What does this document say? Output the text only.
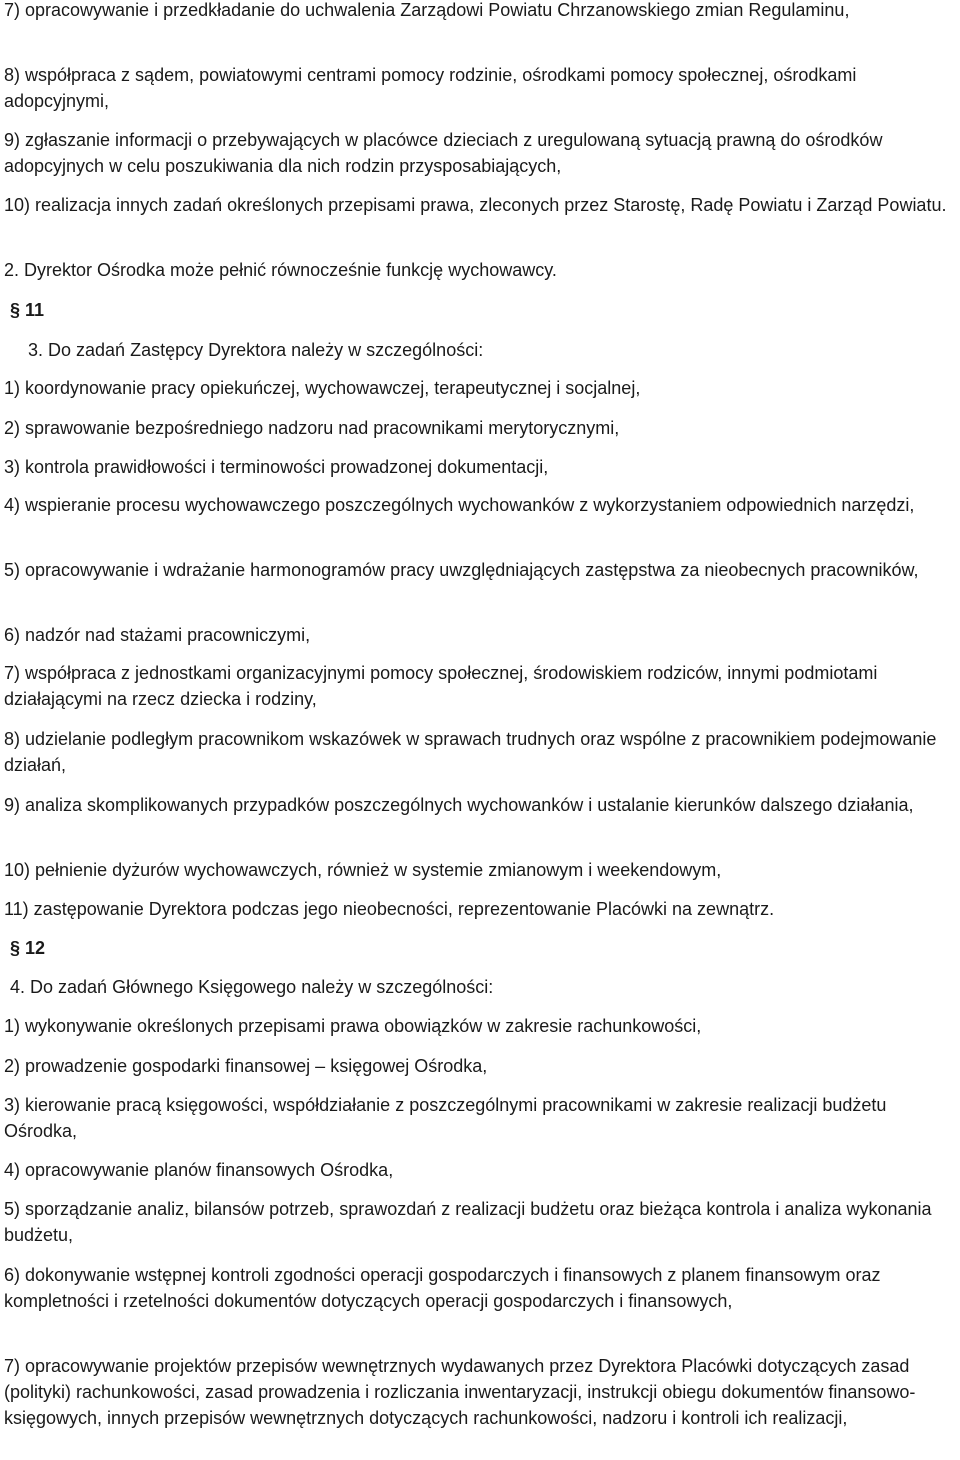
7) opracowywanie i przedkładanie do uchwalenia Zarządowi Powiatu Chrzanowskiego zmian Regulaminu,

8) współpraca z sądem, powiatowymi centrami pomocy rodzinie, ośrodkami pomocy społecznej, ośrodkami adopcyjnymi,

9) zgłaszanie informacji o przebywających w placówce dzieciach z uregulowaną sytuacją prawną do ośrodków adopcyjnych w celu poszukiwania dla nich rodzin przysposabiających,

10) realizacja innych zadań określonych przepisami prawa, zleconych przez Starostę, Radę Powiatu i Zarząd Powiatu.

2. Dyrektor Ośrodka może pełnić równocześnie funkcję wychowawcy.

§ 11

3. Do zadań Zastępcy Dyrektora należy w szczególności:

1) koordynowanie pracy opiekuńczej, wychowawczej, terapeutycznej i socjalnej,

2) sprawowanie bezpośredniego nadzoru nad pracownikami merytorycznymi,

3) kontrola prawidłowości i terminowości prowadzonej dokumentacji,

4) wspieranie procesu wychowawczego poszczególnych wychowanków z wykorzystaniem odpowiednich narzędzi,

5) opracowywanie i wdrażanie harmonogramów pracy uwzględniających zastępstwa za nieobecnych pracowników,

6) nadzór nad stażami pracowniczymi,

7) współpraca z jednostkami organizacyjnymi pomocy społecznej, środowiskiem rodziców, innymi podmiotami działającymi na rzecz dziecka i rodziny,

8) udzielanie podległym pracownikom wskazówek w sprawach trudnych oraz wspólne z pracownikiem podejmowanie działań,

9) analiza skomplikowanych przypadków poszczególnych wychowanków i ustalanie kierunków dalszego działania,

10) pełnienie dyżurów wychowawczych, również w systemie zmianowym i weekendowym,

11) zastępowanie Dyrektora podczas jego nieobecności, reprezentowanie Placówki na zewnątrz.

§ 12

4. Do zadań Głównego Księgowego należy w szczególności:

1) wykonywanie określonych przepisami prawa obowiązków w zakresie rachunkowości,

2) prowadzenie gospodarki finansowej – księgowej Ośrodka,

3) kierowanie pracą księgowości, współdziałanie z poszczególnymi pracownikami w zakresie realizacji budżetu Ośrodka,

4) opracowywanie planów finansowych Ośrodka,

5) sporządzanie analiz, bilansów potrzeb, sprawozdań z realizacji budżetu oraz bieżąca kontrola i analiza wykonania budżetu,

6) dokonywanie wstępnej kontroli zgodności operacji gospodarczych i finansowych z planem finansowym oraz kompletności i rzetelności dokumentów dotyczących operacji gospodarczych i finansowych,

7) opracowywanie projektów przepisów wewnętrznych wydawanych przez Dyrektora Placówki dotyczących zasad (polityki) rachunkowości, zasad prowadzenia i rozliczania inwentaryzacji, instrukcji obiegu dokumentów finansowo-księgowych, innych przepisów wewnętrznych dotyczących rachunkowości, nadzoru i kontroli ich realizacji,
